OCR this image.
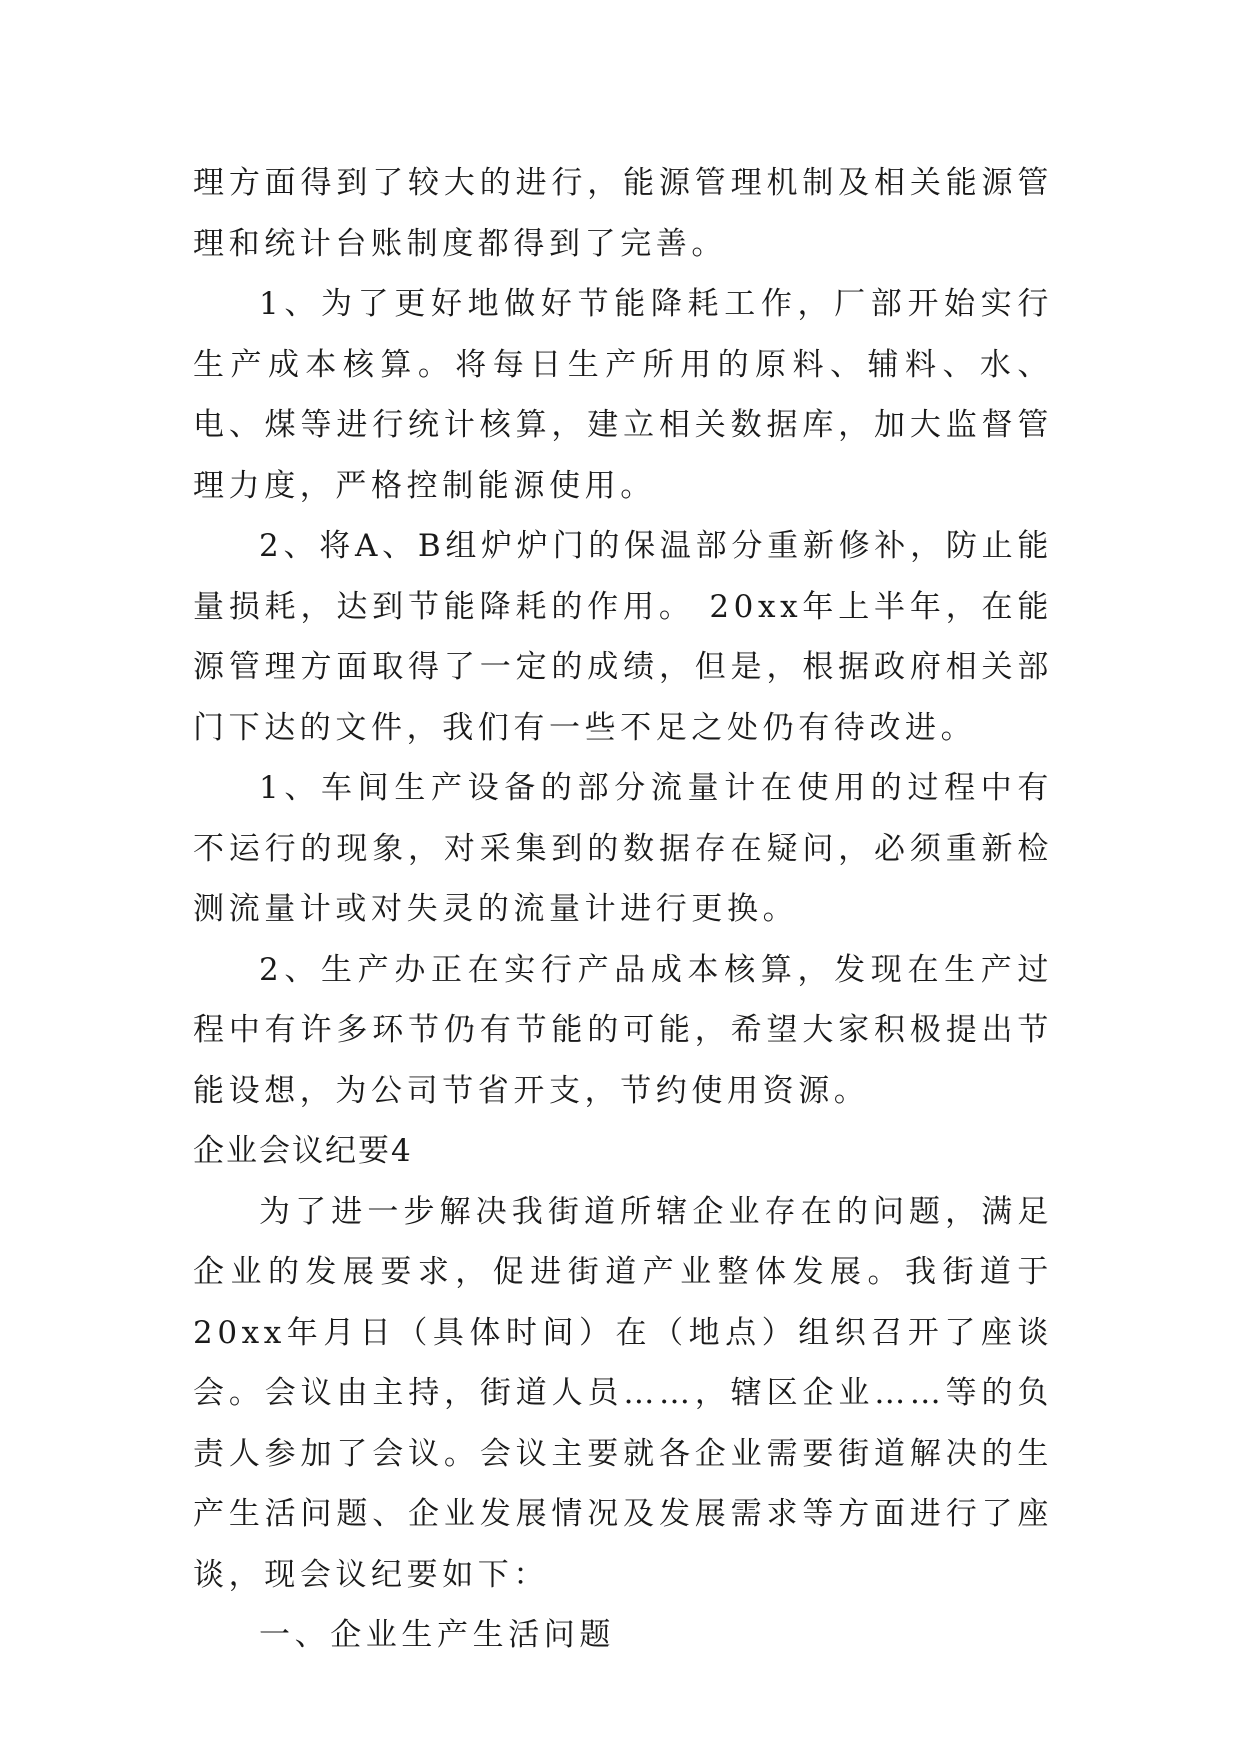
理方面得到了较大的进行，能源管理机制及相关能源管理和统计台账制度都得到了完善。

1、为了更好地做好节能降耗工作，厂部开始实行生产成本核算。将每日生产所用的原料、辅料、水、电、煤等进行统计核算，建立相关数据库，加大监督管理力度，严格控制能源使用。

2、将A、B组炉炉门的保温部分重新修补，防止能量损耗，达到节能降耗的作用。 20xx年上半年，在能源管理方面取得了一定的成绩，但是，根据政府相关部门下达的文件，我们有一些不足之处仍有待改进。

1、车间生产设备的部分流量计在使用的过程中有不运行的现象，对采集到的数据存在疑问，必须重新检测流量计或对失灵的流量计进行更换。

2、生产办正在实行产品成本核算，发现在生产过程中有许多环节仍有节能的可能，希望大家积极提出节能设想，为公司节省开支，节约使用资源。

企业会议纪要4

为了进一步解决我街道所辖企业存在的问题，满足企业的发展要求，促进街道产业整体发展。我街道于20xx年月日（具体时间）在（地点）组织召开了座谈会。会议由主持，街道人员……，辖区企业……等的负责人参加了会议。会议主要就各企业需要街道解决的生产生活问题、企业发展情况及发展需求等方面进行了座谈，现会议纪要如下：

一、企业生产生活问题
